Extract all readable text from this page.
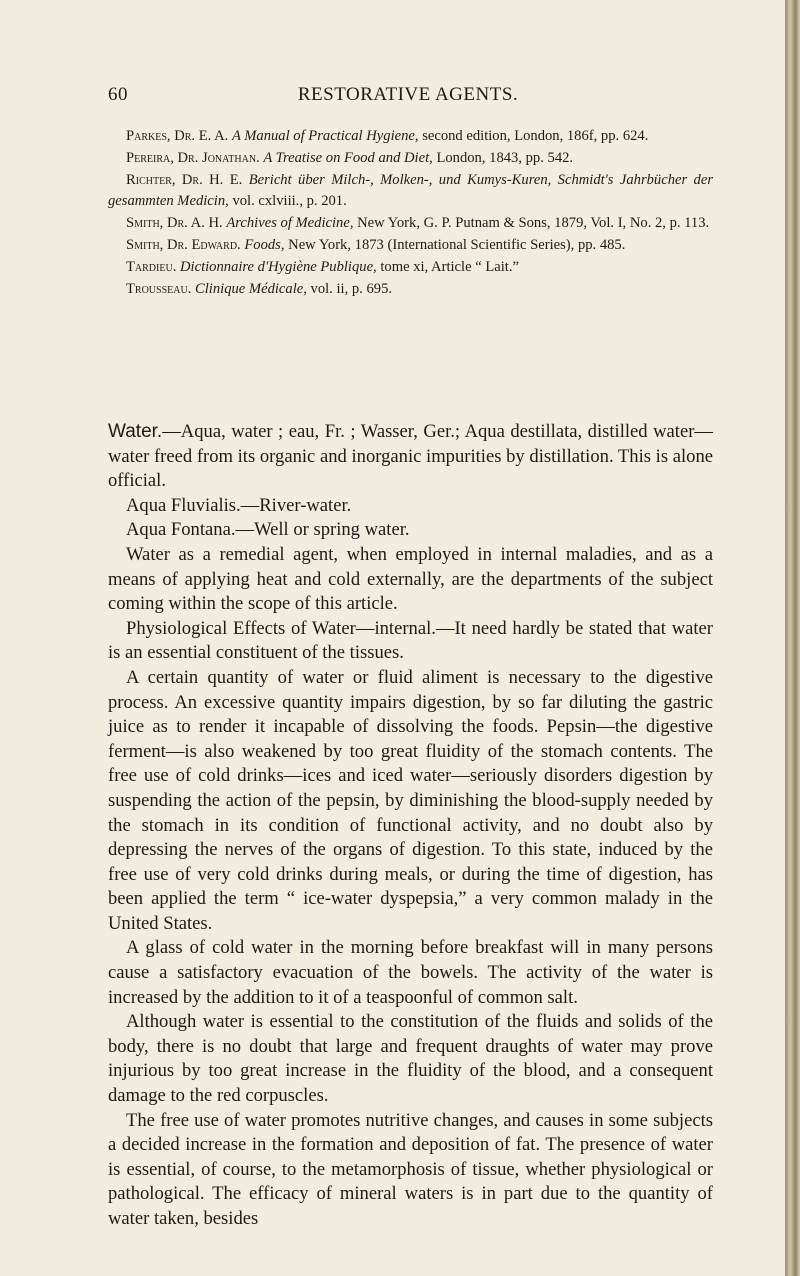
60	RESTORATIVE AGENTS.

Parkes, Dr. E. A. A Manual of Practical Hygiene, second edition, London, 186f, pp. 624.

Pereira, Dr. Jonathan. A Treatise on Food and Diet, London, 1843, pp. 542.

Richter, Dr. H. E. Bericht über Milch-, Molken-, und Kumys-Kuren, Schmidt's Jahrbücher der gesammten Medicin, vol. cxlviii., p. 201.

Smith, Dr. A. H. Archives of Medicine, New York, G. P. Putnam & Sons, 1879, Vol. I, No. 2, p. 113.

Smith, Dr. Edward. Foods, New York, 1873 (International Scientific Series), pp. 485.

Tardieu. Dictionnaire d'Hygiène Publique, tome xi, Article “ Lait.”

Trousseau. Clinique Médicale, vol. ii, p. 695.

Water.—Aqua, water ; eau, Fr. ; Wasser, Ger.; Aqua destillata, distilled water—water freed from its organic and inorganic impurities by distillation. This is alone official.

Aqua Fluvialis.—River-water.

Aqua Fontana.—Well or spring water.

Water as a remedial agent, when employed in internal maladies, and as a means of applying heat and cold externally, are the departments of the subject coming within the scope of this article.

Physiological Effects of Water—internal.—It need hardly be stated that water is an essential constituent of the tissues.

A certain quantity of water or fluid aliment is necessary to the digestive process. An excessive quantity impairs digestion, by so far diluting the gastric juice as to render it incapable of dissolving the foods. Pepsin—the digestive ferment—is also weakened by too great fluidity of the stomach contents. The free use of cold drinks—ices and iced water—seriously disorders digestion by suspending the action of the pepsin, by diminishing the blood-supply needed by the stomach in its condition of functional activity, and no doubt also by depressing the nerves of the organs of digestion. To this state, induced by the free use of very cold drinks during meals, or during the time of digestion, has been applied the term “ ice-water dyspepsia,” a very common malady in the United States.

A glass of cold water in the morning before breakfast will in many persons cause a satisfactory evacuation of the bowels. The activity of the water is increased by the addition to it of a teaspoonful of common salt.

Although water is essential to the constitution of the fluids and solids of the body, there is no doubt that large and frequent draughts of water may prove injurious by too great increase in the fluidity of the blood, and a consequent damage to the red corpuscles.

The free use of water promotes nutritive changes, and causes in some subjects a decided increase in the formation and deposition of fat. The presence of water is essential, of course, to the metamorphosis of tissue, whether physiological or pathological. The efficacy of mineral waters is in part due to the quantity of water taken, besides
